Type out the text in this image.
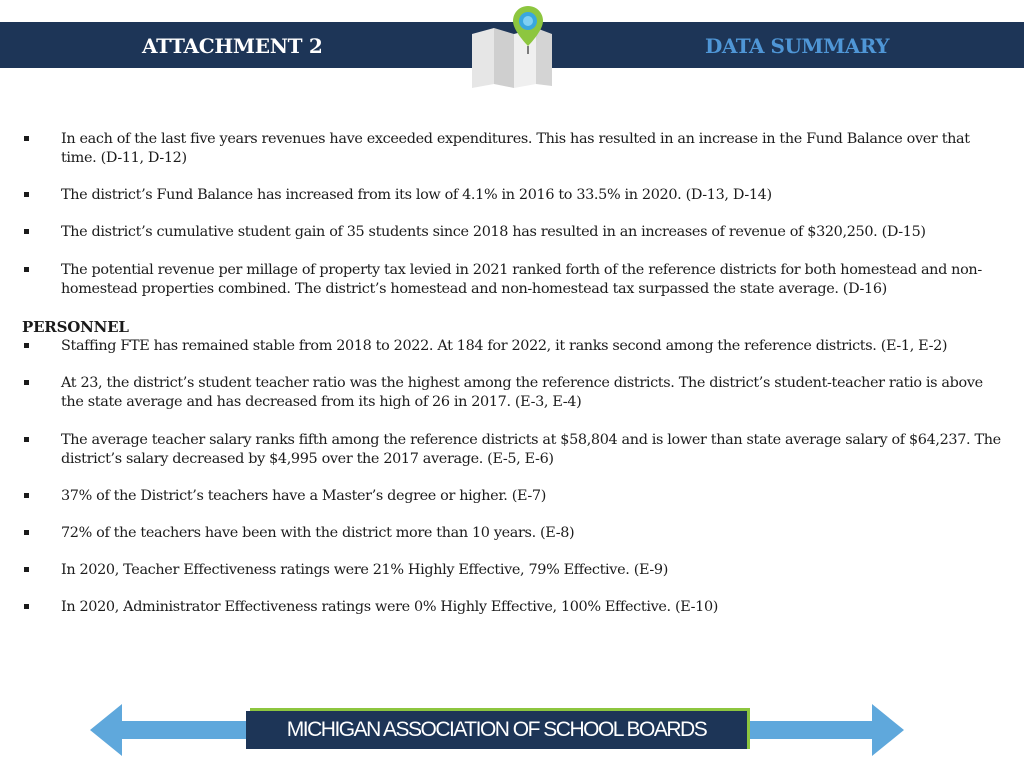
ATTACHMENT 2	DATA SUMMARY
In each of the last five years revenues have exceeded expenditures. This has resulted in an increase in the Fund Balance over that time. (D-11, D-12)
The district’s Fund Balance has increased from its low of 4.1% in 2016 to 33.5% in 2020. (D-13, D-14)
The district’s cumulative student gain of 35 students since 2018 has resulted in an increases of revenue of $320,250. (D-15)
The potential revenue per millage of property tax levied in 2021 ranked forth of the reference districts for both homestead and non-homestead properties combined. The district’s homestead and non-homestead tax surpassed the state average. (D-16)
PERSONNEL
Staffing FTE has remained stable from 2018 to 2022. At 184 for 2022, it ranks second among the reference districts. (E-1, E-2)
At 23, the district’s student teacher ratio was the highest among the reference districts. The district’s student-teacher ratio is above the state average and has decreased from its high of 26 in 2017. (E-3, E-4)
The average teacher salary ranks fifth among the reference districts at $58,804 and is lower than state average salary of $64,237. The district’s salary decreased by $4,995 over the 2017 average. (E-5, E-6)
37% of the District’s teachers have a Master’s degree or higher. (E-7)
72% of the teachers have been with the district more than 10 years. (E-8)
In 2020, Teacher Effectiveness ratings were 21% Highly Effective, 79% Effective. (E-9)
In 2020, Administrator Effectiveness ratings were 0% Highly Effective, 100% Effective. (E-10)
MICHIGAN ASSOCIATION OF SCHOOL BOARDS
